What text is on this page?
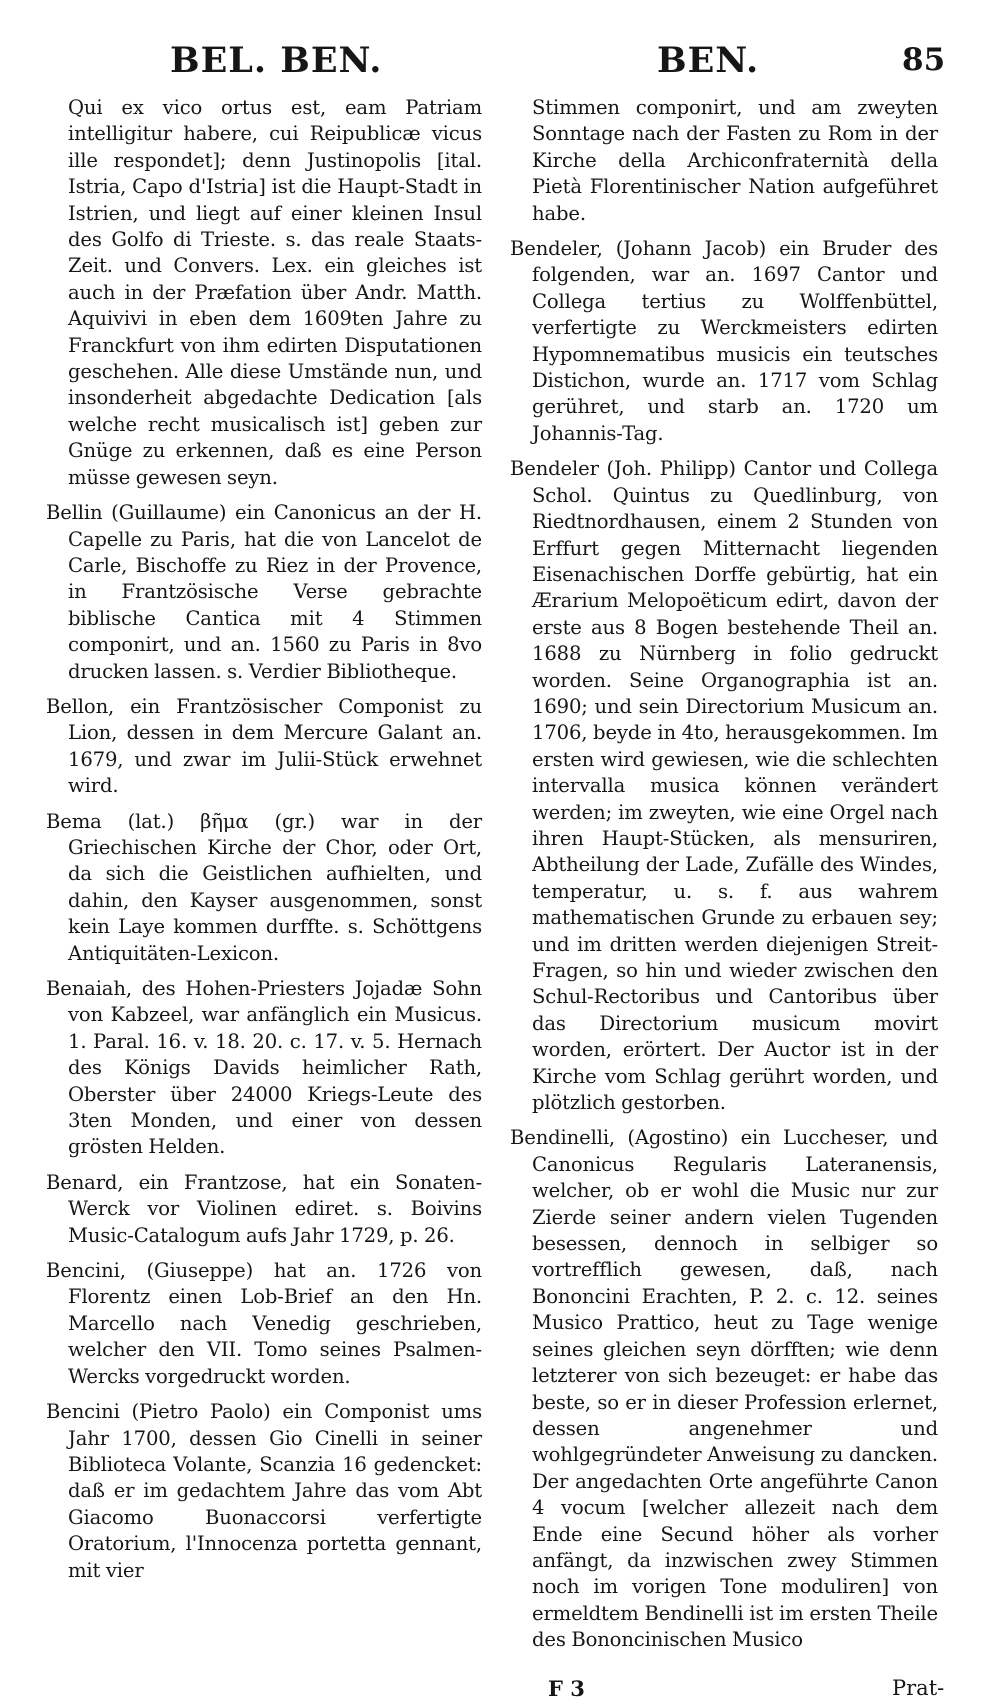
BEL. BEN.	BEN.	85

Qui ex vico ortus est, eam Patriam intelligitur habere, cui Reipublicæ vicus ille respondet]; denn Justinopolis [ital. Istria, Capo d'Istria] ist die Haupt-Stadt in Istrien, und liegt auf einer kleinen Insul des Golfo di Trieste. s. das reale Staats-Zeit. und Convers. Lex. ein gleiches ist auch in der Præfation über Andr. Matth. Aquivivi in eben dem 1609ten Jahre zu Franckfurt von ihm edirten Disputationen geschehen. Alle diese Umstände nun, und insonderheit abgedachte Dedication [als welche recht musicalisch ist] geben zur Gnüge zu erkennen, daß es eine Person müsse gewesen seyn.

Bellin (Guillaume) ein Canonicus an der H. Capelle zu Paris, hat die von Lancelot de Carle, Bischoffe zu Riez in der Provence, in Frantzösische Verse gebrachte biblische Cantica mit 4 Stimmen componirt, und an. 1560 zu Paris in 8vo drucken lassen. s. Verdier Bibliotheque.

Bellon, ein Frantzösischer Componist zu Lion, dessen in dem Mercure Galant an. 1679, und zwar im Julii-Stück erwehnet wird.

Bema (lat.) βῆμα (gr.) war in der Griechischen Kirche der Chor, oder Ort, da sich die Geistlichen aufhielten, und dahin, den Kayser ausgenommen, sonst kein Laye kommen durffte. s. Schöttgens Antiquitäten-Lexicon.

Benaiah, des Hohen-Priesters Jojadæ Sohn von Kabzeel, war anfänglich ein Musicus. 1. Paral. 16. v. 18. 20. c. 17. v. 5. Hernach des Königs Davids heimlicher Rath, Oberster über 24000 Kriegs-Leute des 3ten Monden, und einer von dessen grösten Helden.

Benard, ein Frantzose, hat ein Sonaten-Werck vor Violinen ediret. s. Boivins Music-Catalogum aufs Jahr 1729, p. 26.

Bencini, (Giuseppe) hat an. 1726 von Florentz einen Lob-Brief an den Hn. Marcello nach Venedig geschrieben, welcher den VII. Tomo seines Psalmen-Wercks vorgedruckt worden.

Bencini (Pietro Paolo) ein Componist ums Jahr 1700, dessen Gio Cinelli in seiner Biblioteca Volante, Scanzia 16 gedencket: daß er im gedachtem Jahre das vom Abt Giacomo Buonaccorsi verfertigte Oratorium, l'Innocenza portetta gennant, mit vier

Stimmen componirt, und am zweyten Sonntage nach der Fasten zu Rom in der Kirche della Archiconfraternità della Pietà Florentinischer Nation aufgeführet habe.

Bendeler, (Johann Jacob) ein Bruder des folgenden, war an. 1697 Cantor und Collega tertius zu Wolffenbüttel, verfertigte zu Werckmeisters edirten Hypomnematibus musicis ein teutsches Distichon, wurde an. 1717 vom Schlag gerühret, und starb an. 1720 um Johannis-Tag.

Bendeler (Joh. Philipp) Cantor und Collega Schol. Quintus zu Quedlinburg, von Riedtnordhausen, einem 2 Stunden von Erffurt gegen Mitternacht liegenden Eisenachischen Dorffe gebürtig, hat ein Ærarium Melopoëticum edirt, davon der erste aus 8 Bogen bestehende Theil an. 1688 zu Nürnberg in folio gedruckt worden. Seine Organographia ist an. 1690; und sein Directorium Musicum an. 1706, beyde in 4to, herausgekommen. Im ersten wird gewiesen, wie die schlechten intervalla musica können verändert werden; im zweyten, wie eine Orgel nach ihren Haupt-Stücken, als mensuriren, Abtheilung der Lade, Zufälle des Windes, temperatur, u. s. f. aus wahrem mathematischen Grunde zu erbauen sey; und im dritten werden diejenigen Streit-Fragen, so hin und wieder zwischen den Schul-Rectoribus und Cantoribus über das Directorium musicum movirt worden, erörtert. Der Auctor ist in der Kirche vom Schlag gerührt worden, und plötzlich gestorben.

Bendinelli, (Agostino) ein Luccheser, und Canonicus Regularis Lateranensis, welcher, ob er wohl die Music nur zur Zierde seiner andern vielen Tugenden besessen, dennoch in selbiger so vortrefflich gewesen, daß, nach Bononcini Erachten, P. 2. c. 12. seines Musico Prattico, heut zu Tage wenige seines gleichen seyn dörfften; wie denn letzterer von sich bezeuget: er habe das beste, so er in dieser Profession erlernet, dessen angenehmer und wohlgegründeter Anweisung zu dancken. Der angedachten Orte angeführte Canon 4 vocum [welcher allezeit nach dem Ende eine Secund höher als vorher anfängt, da inzwischen zwey Stimmen noch im vorigen Tone moduliren] von ermeldtem Bendinelli ist im ersten Theile des Bononcinischen Musico

F 3	Prat-
